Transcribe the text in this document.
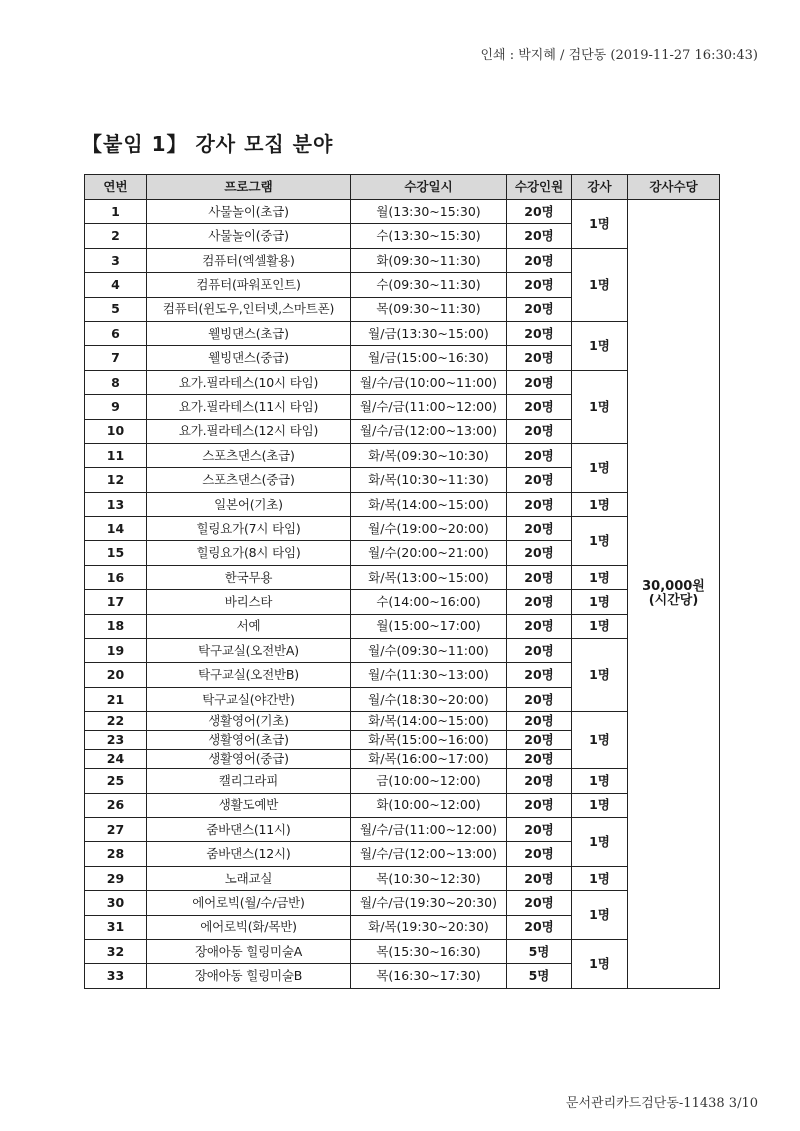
인쇄 : 박지혜 / 검단동 (2019-11-27 16:30:43)
【붙임 1】 강사 모집 분야
연번	프로그램	수강일시	수강인원	강사	강사수당
1	사물놀이(초급)	월(13:30~15:30)	20명	1명	30,000원
(시간당)

2	사물놀이(중급)	수(13:30~15:30)	20명		
3	컴퓨터(엑셀활용)	화(09:30~11:30)	20명	1명	
4	컴퓨터(파워포인트)	수(09:30~11:30)	20명		
5	컴퓨터(윈도우,인터넷,스마트폰)	목(09:30~11:30)	20명		
6	웰빙댄스(초급)	월/금(13:30~15:00)	20명	1명	
7	웰빙댄스(중급)	월/금(15:00~16:30)	20명		
8	요가.필라테스(10시 타임)	월/수/금(10:00~11:00)	20명	1명	
9	요가.필라테스(11시 타임)	월/수/금(11:00~12:00)	20명		
10	요가.필라테스(12시 타임)	월/수/금(12:00~13:00)	20명		
11	스포츠댄스(초급)	화/목(09:30~10:30)	20명	1명	
12	스포츠댄스(중급)	화/목(10:30~11:30)	20명		
13	일본어(기초)	화/목(14:00~15:00)	20명	1명	
14	힐링요가(7시 타임)	월/수(19:00~20:00)	20명	1명	
15	힐링요가(8시 타임)	월/수(20:00~21:00)	20명		
16	한국무용	화/목(13:00~15:00)	20명	1명	
17	바리스타	수(14:00~16:00)	20명	1명	
18	서예	월(15:00~17:00)	20명	1명	
19	탁구교실(오전반A)	월/수(09:30~11:00)	20명	1명	
20	탁구교실(오전반B)	월/수(11:30~13:00)	20명		
21	탁구교실(야간반)	월/수(18:30~20:00)	20명		
22	생활영어(기초)	화/목(14:00~15:00)	20명	1명	
23	생활영어(초급)	화/목(15:00~16:00)	20명		
24	생활영어(중급)	화/목(16:00~17:00)	20명		
25	캘리그라피	금(10:00~12:00)	20명	1명	
26	생활도예반	화(10:00~12:00)	20명	1명	
27	줌바댄스(11시)	월/수/금(11:00~12:00)	20명	1명	
28	줌바댄스(12시)	월/수/금(12:00~13:00)	20명		
29	노래교실	목(10:30~12:30)	20명	1명	
30	에어로빅(월/수/금반)	월/수/금(19:30~20:30)	20명	1명	
31	에어로빅(화/목반)	화/목(19:30~20:30)	20명		
32	장애아동 힐링미술A	목(15:30~16:30)	5명	1명	
33	장애아동 힐링미술B	목(16:30~17:30)	5명		
문서관리카드검단동-11438 3/10
